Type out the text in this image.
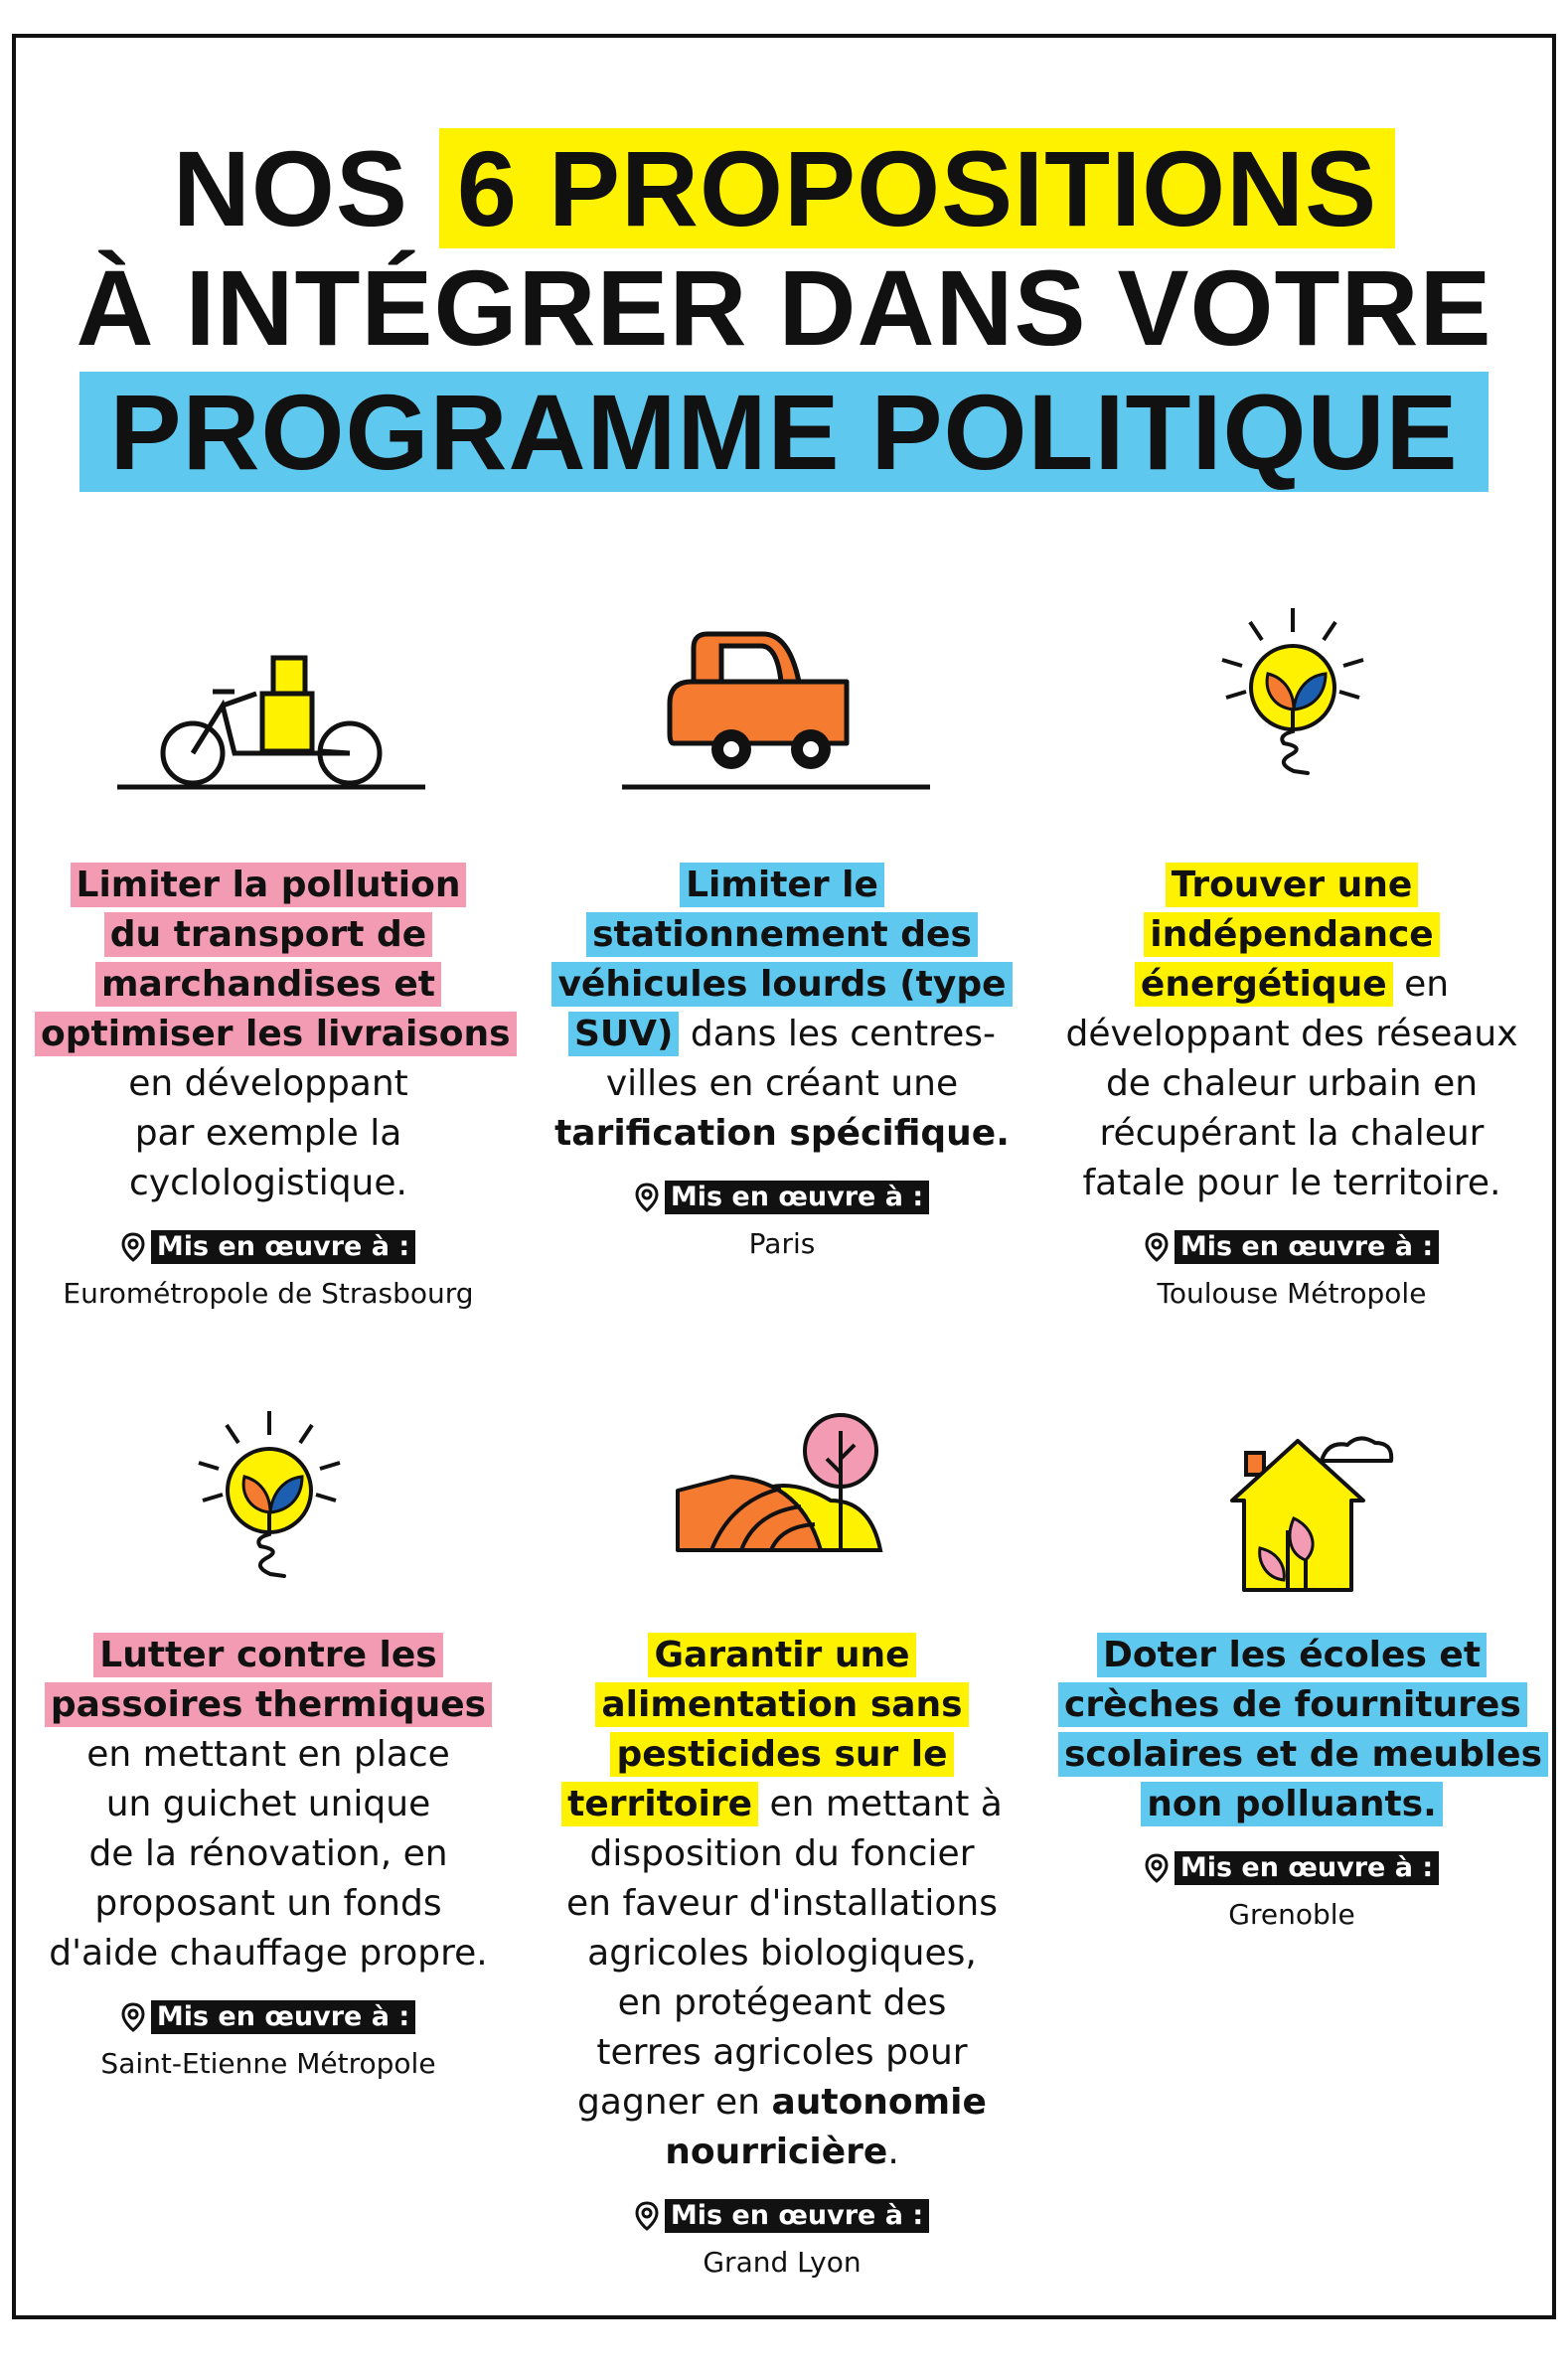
NOS 6 PROPOSITIONS
À INTÉGRER DANS VOTRE
PROGRAMME POLITIQUE
Limiter la pollution
du transport de
marchandises et
optimiser les livraisons
en développant
par exemple la
cyclologistique.
Mis en œuvre à :
Eurométropole de Strasbourg
Limiter le
stationnement des
véhicules lourds (type
SUV) dans les centres-
villes en créant une
tarification spécifique.
Mis en œuvre à :
Paris
Trouver une
indépendance
énergétique en
développant des réseaux
de chaleur urbain en
récupérant la chaleur
fatale pour le territoire.
Mis en œuvre à :
Toulouse Métropole
Lutter contre les
passoires thermiques
en mettant en place
un guichet unique
de la rénovation, en
proposant un fonds
d'aide chauffage propre.
Mis en œuvre à :
Saint-Etienne Métropole
Garantir une
alimentation sans
pesticides sur le
territoire en mettant à
disposition du foncier
en faveur d'installations
agricoles biologiques,
en protégeant des
terres agricoles pour
gagner en autonomie
nourricière.
Mis en œuvre à :
Grand Lyon
Doter les écoles et
crèches de fournitures
scolaires et de meubles
non polluants.
Mis en œuvre à :
Grenoble
